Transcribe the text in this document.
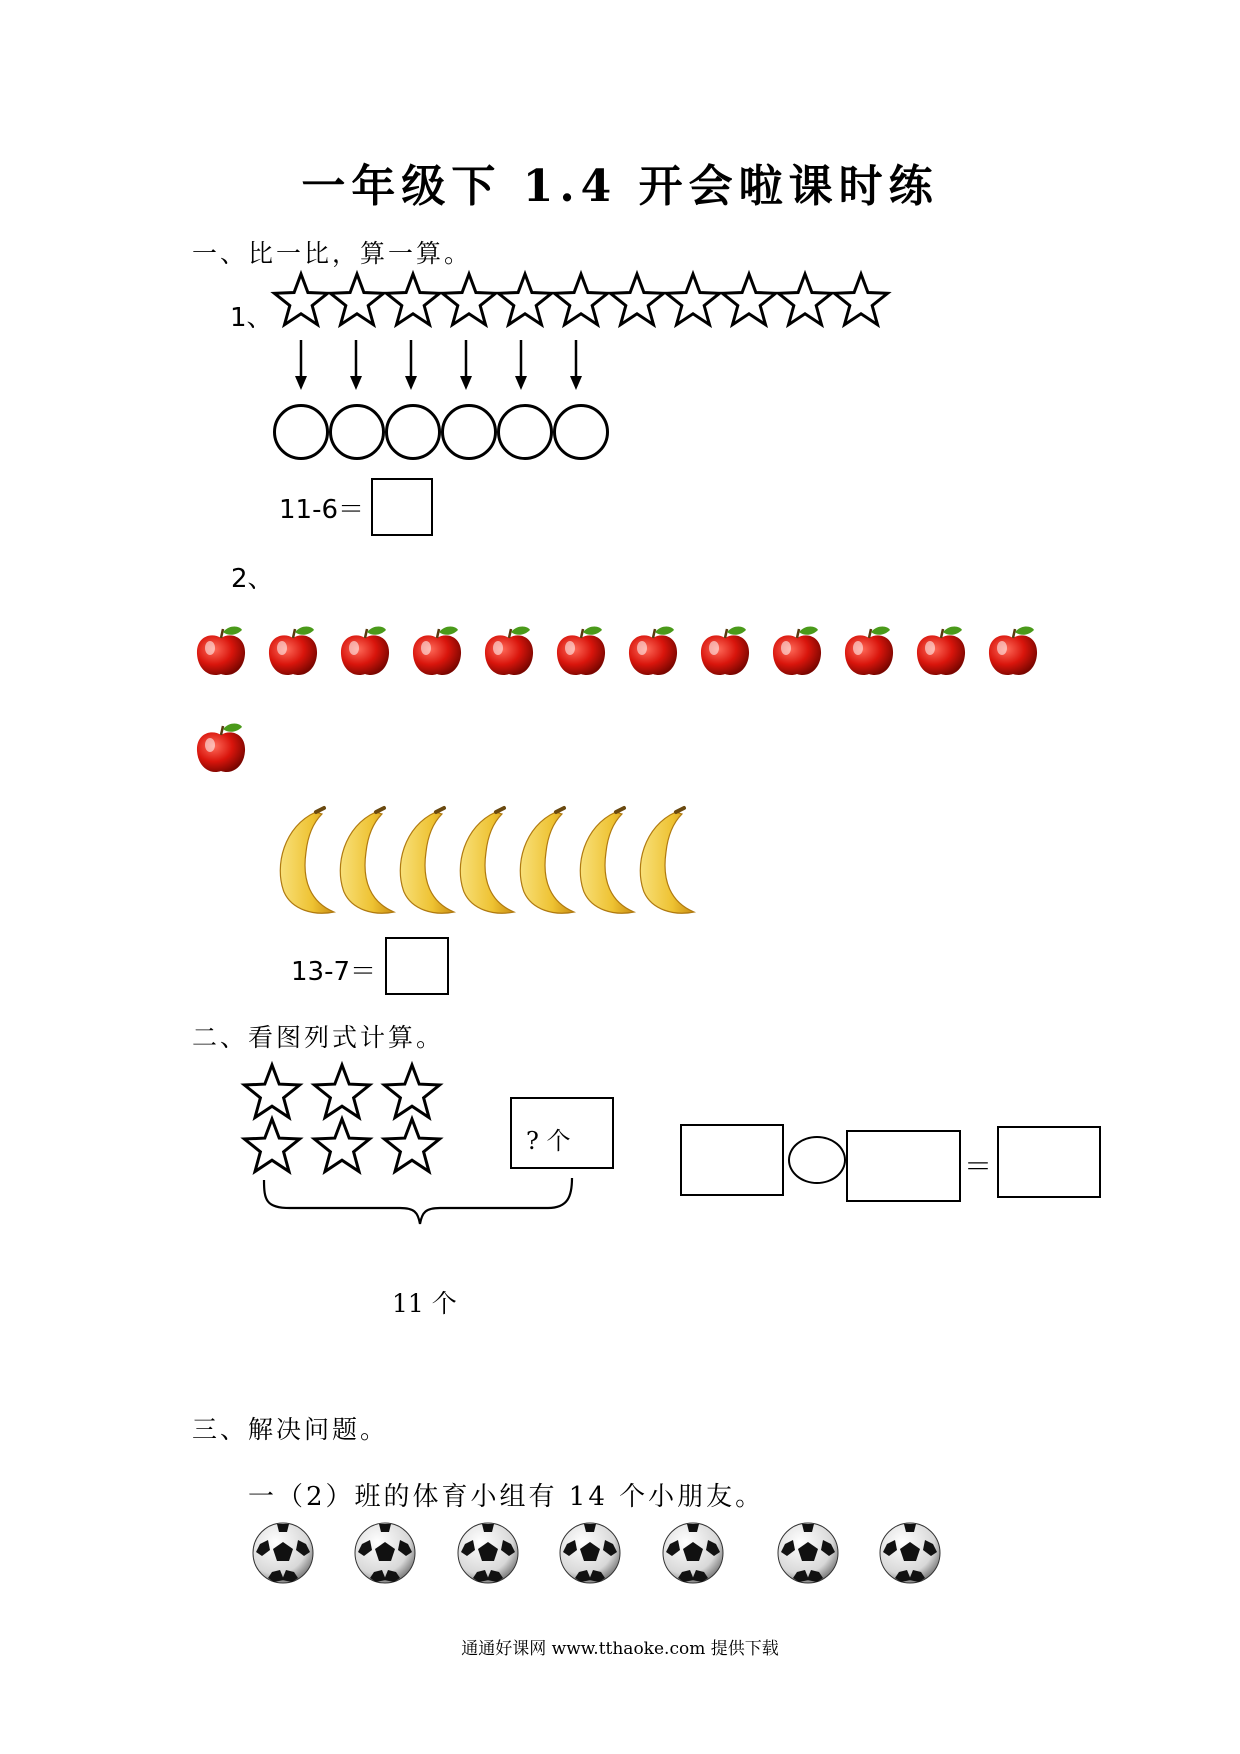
一年级下 1.4 开会啦课时练
一、比一比，算一算。
1、
11-6＝
2、
13-7＝
二、看图列式计算。
? 个
11 个
＝
三、解决问题。
一（2）班的体育小组有 14 个小朋友。
通通好课网 www.tthaoke.com 提供下载
